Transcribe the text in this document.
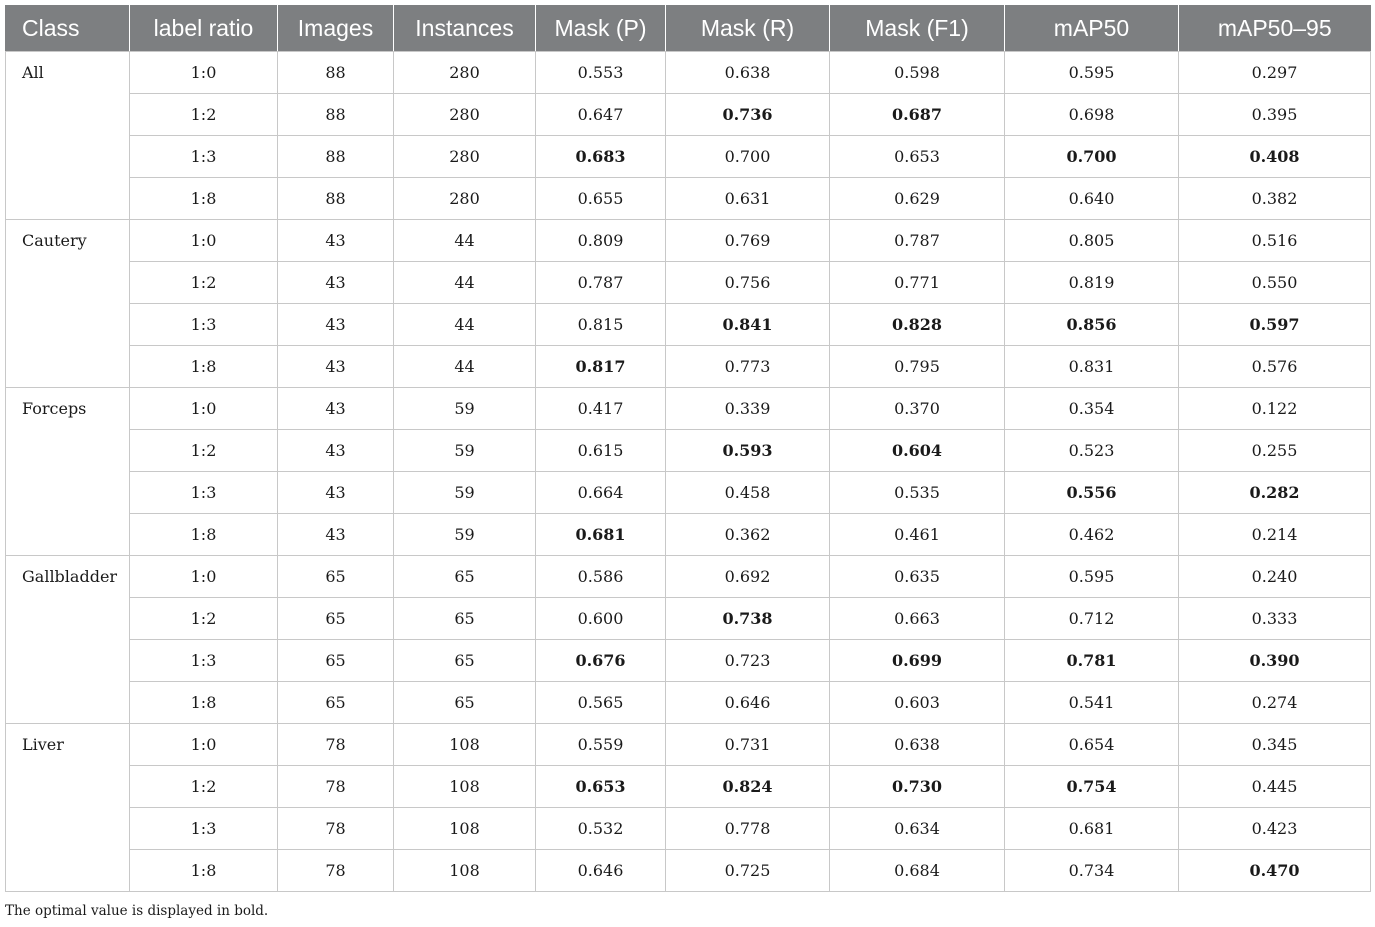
Class	label ratio	Images	Instances	Mask (P)	Mask (R)	Mask (F1)	mAP50	mAP50–95
All	1:0	88	280	0.553	0.638	0.598	0.595	0.297
	1:2	88	280	0.647	0.736	0.687	0.698	0.395
	1:3	88	280	0.683	0.700	0.653	0.700	0.408
	1:8	88	280	0.655	0.631	0.629	0.640	0.382
Cautery	1:0	43	44	0.809	0.769	0.787	0.805	0.516
	1:2	43	44	0.787	0.756	0.771	0.819	0.550
	1:3	43	44	0.815	0.841	0.828	0.856	0.597
	1:8	43	44	0.817	0.773	0.795	0.831	0.576
Forceps	1:0	43	59	0.417	0.339	0.370	0.354	0.122
	1:2	43	59	0.615	0.593	0.604	0.523	0.255
	1:3	43	59	0.664	0.458	0.535	0.556	0.282
	1:8	43	59	0.681	0.362	0.461	0.462	0.214
Gallbladder	1:0	65	65	0.586	0.692	0.635	0.595	0.240
	1:2	65	65	0.600	0.738	0.663	0.712	0.333
	1:3	65	65	0.676	0.723	0.699	0.781	0.390
	1:8	65	65	0.565	0.646	0.603	0.541	0.274
Liver	1:0	78	108	0.559	0.731	0.638	0.654	0.345
	1:2	78	108	0.653	0.824	0.730	0.754	0.445
	1:3	78	108	0.532	0.778	0.634	0.681	0.423
	1:8	78	108	0.646	0.725	0.684	0.734	0.470
The optimal value is displayed in bold.
